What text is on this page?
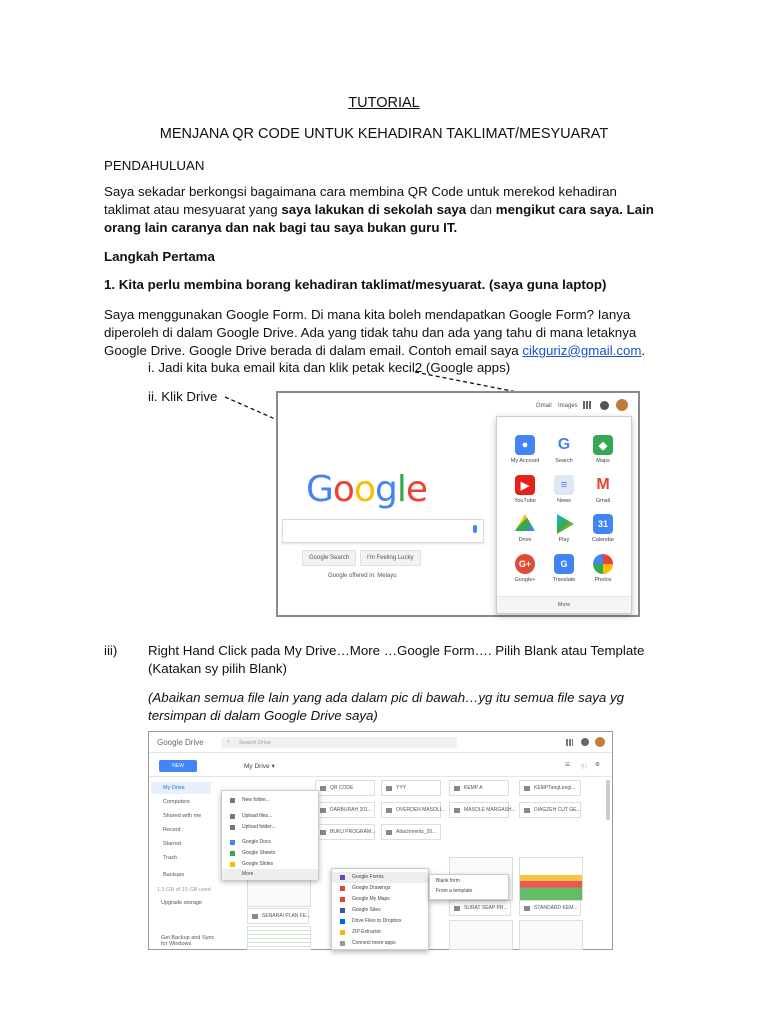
TUTORIAL
MENJANA QR CODE UNTUK KEHADIRAN TAKLIMAT/MESYUARAT
PENDAHULUAN
Saya sekadar berkongsi bagaimana cara membina QR Code untuk merekod kehadiran
taklimat atau mesyuarat yang saya lakukan di sekolah saya dan mengikut cara saya. Lain
orang lain caranya dan nak bagi tau saya bukan guru IT.
Langkah Pertama
1. Kita perlu membina borang kehadiran taklimat/mesyuarat. (saya guna laptop)
Saya menggunakan Google Form. Di mana kita boleh mendapatkan Google Form? Ianya
diperoleh di dalam Google Drive. Ada yang tidak tahu dan ada yang tahu di mana letaknya
Google Drive. Google Drive berada di dalam email. Contoh email saya cikguriz@gmail.com.
i. Jadi kita buka email kita dan klik petak kecil2 (Google apps)
ii. Klik Drive
Gmail Images
Google
Google Search	I'm Feeling Lucky
Google offered in: Melayu
●
My Account
G
Search
◆
Maps
▶
YouTube
≡
News
M
Gmail
Drive	Play
31
Calendar
G+
Google+
G
Translate	Photos
More
iii) Right Hand Click pada My Drive…More …Google Form…. Pilih Blank atau Template
(Katakan sy pilih Blank)
(Abaikan semua file lain yang ada dalam pic di bawah…yg itu semua file saya yg
tersimpan di dalam Google Drive saya)
Google Drive	⌕ Search Drive
NEW	My Drive ▾	☰ ⓘ ⚙
My Drive
Computers
Shared with me
Recent
Starred
Trash
Backups
1.3 GB of 15 GB used
Upgrade storage
Get Backup and Sync for Windows
QR CODE	YYY	KEMP A	KEMPTangLengi...
DARBURAH 201...	OVERDEN MASOLI...	MASOLE MARGASH...	DIAGZEH CUT GE...
BUKU PROGRAM...	Attachments_20...
SENARAI PLAN FE...
SURAT SEAP PR...	STANDARD KEM...
New folder...
Upload files...
Upload folder...
Google Docs
Google Sheets
Google Slides
More	Google Forms
Google Drawings
Google My Maps
Google Sites
Drive Files to Dropbox
ZIP Extractor
Connect more apps
Blank form
From a template
